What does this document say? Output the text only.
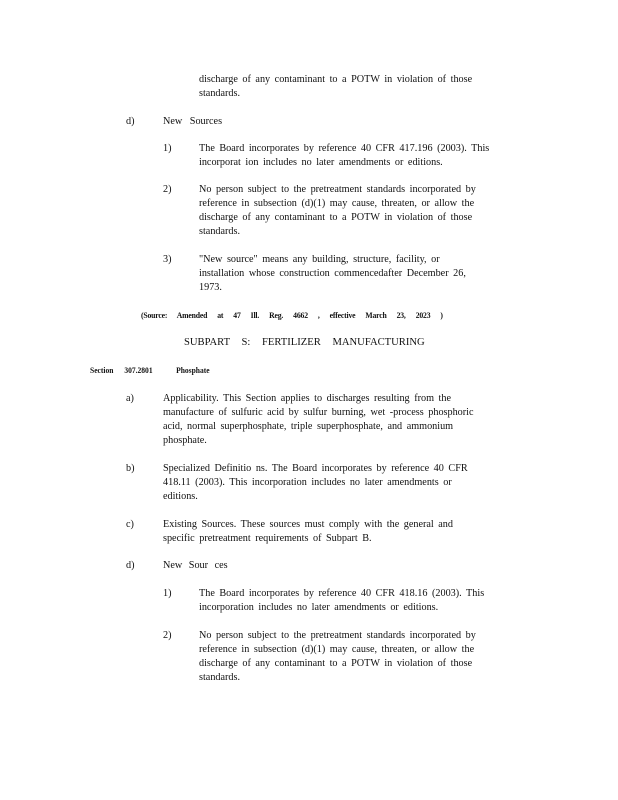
discharge of any contaminant to a POTW in violation of those

standards.

d)	New Sources
1)	The Board incorporates by reference 40 CFR 417.196 (2003). This

incorporat ion includes no later amendments or editions.

2)	No person subject to the pretreatment standards incorporated by

reference in subsection (d)(1) may cause, threaten, or allow the

discharge of any contaminant to a POTW in violation of those

standards.

3)	"New source" means any building, structure, facility, or

installation whose construction commencedafter December 26,

1973.

(Source: Amended at 47 Ill. Reg. 4662 , effective March 23, 2023 )
SUBPART S: FERTILIZER MANUFACTURING
Section 307.2801	Phosphate
a)	Applicability. This Section applies to discharges resulting from the

manufacture of sulfuric acid by sulfur burning, wet -process phosphoric

acid, normal superphosphate, triple superphosphate, and ammonium

phosphate.

b)	Specialized Definitio ns. The Board incorporates by reference 40 CFR

418.11 (2003). This incorporation includes no later amendments or

editions.

c)	Existing Sources. These sources must comply with the general and

specific pretreatment requirements of Subpart B.

d)	New Sour ces
1)	The Board incorporates by reference 40 CFR 418.16 (2003). This

incorporation includes no later amendments or editions.

2)	No person subject to the pretreatment standards incorporated by

reference in subsection (d)(1) may cause, threaten, or allow the

discharge of any contaminant to a POTW in violation of those

standards.
